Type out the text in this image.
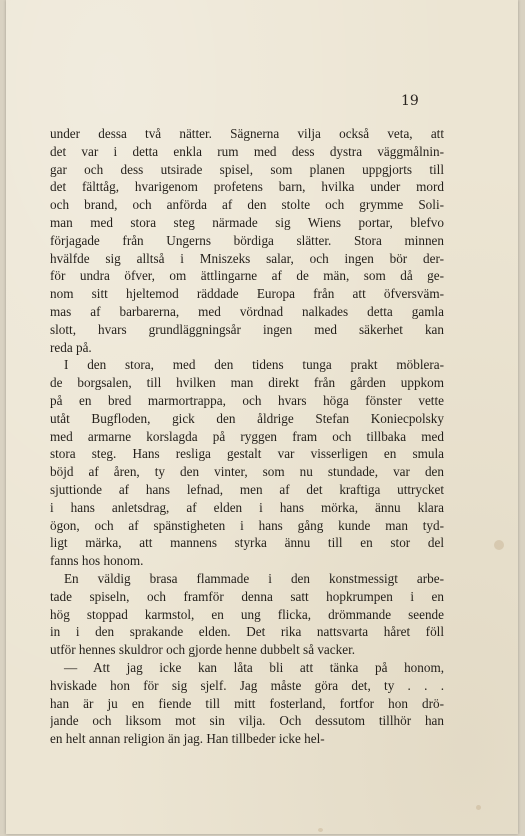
19
under dessa två nätter. Sägnerna vilja också veta, att
det var i detta enkla rum med dess dystra väggmålnin-
gar och dess utsirade spisel, som planen uppgjorts till
det fälttåg, hvarigenom profetens barn, hvilka under mord
och brand, och anförda af den stolte och grymme Soli-
man med stora steg närmade sig Wiens portar, blefvo
förjagade från Ungerns bördiga slätter. Stora minnen
hvälfde sig alltså i Mniszeks salar, och ingen bör der-
för undra öfver, om ättlingarne af de män, som då ge-
nom sitt hjeltemod räddade Europa från att öfversväm-
mas af barbarerna, med vördnad nalkades detta gamla
slott, hvars grundläggningsår ingen med säkerhet kan
reda på.
I den stora, med den tidens tunga prakt möblera-
de borgsalen, till hvilken man direkt från gården uppkom
på en bred marmortrappa, och hvars höga fönster vette
utåt Bugfloden, gick den åldrige Stefan Koniecpolsky
med armarne korslagda på ryggen fram och tillbaka med
stora steg. Hans resliga gestalt var visserligen en smula
böjd af åren, ty den vinter, som nu stundade, var den
sjuttionde af hans lefnad, men af det kraftiga uttrycket
i hans anletsdrag, af elden i hans mörka, ännu klara
ögon, och af spänstigheten i hans gång kunde man tyd-
ligt märka, att mannens styrka ännu till en stor del
fanns hos honom.
En väldig brasa flammade i den konstmessigt arbe-
tade spiseln, och framför denna satt hopkrumpen i en
hög stoppad karmstol, en ung flicka, drömmande seende
in i den sprakande elden. Det rika nattsvarta håret föll
utför hennes skuldror och gjorde henne dubbelt så vacker.
— Att jag icke kan låta bli att tänka på honom,
hviskade hon för sig sjelf. Jag måste göra det, ty . . .
han är ju en fiende till mitt fosterland, fortfor hon drö-
jande och liksom mot sin vilja. Och dessutom tillhör han
en helt annan religion än jag. Han tillbeder icke hel-
